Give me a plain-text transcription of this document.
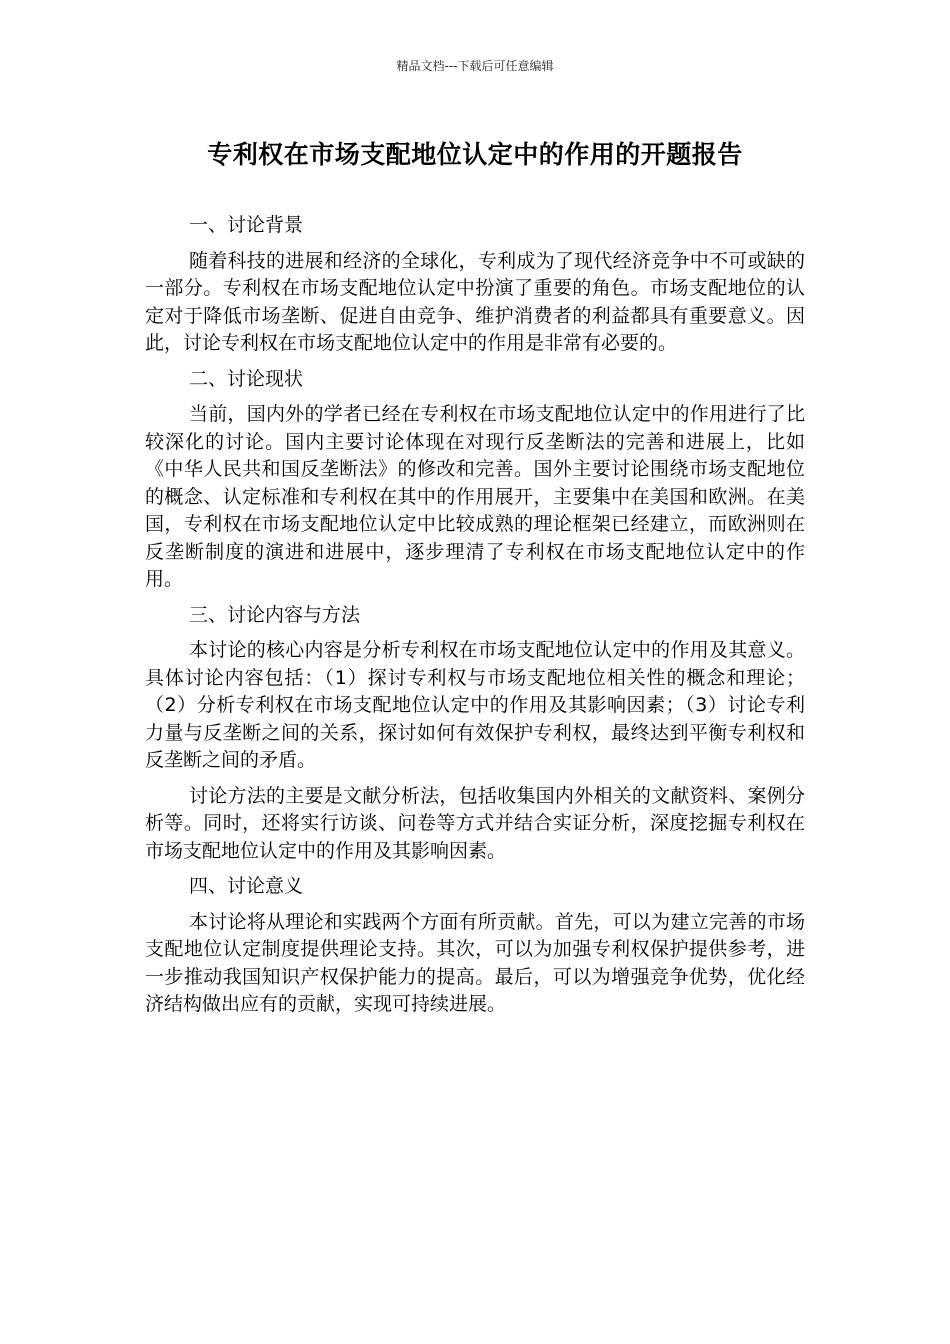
精品文档---下载后可任意编辑
专利权在市场支配地位认定中的作用的开题报告

一、讨论背景

随着科技的进展和经济的全球化，专利成为了现代经济竞争中不可或缺的一部分。专利权在市场支配地位认定中扮演了重要的角色。市场支配地位的认定对于降低市场垄断、促进自由竞争、维护消费者的利益都具有重要意义。因此，讨论专利权在市场支配地位认定中的作用是非常有必要的。

二、讨论现状

当前，国内外的学者已经在专利权在市场支配地位认定中的作用进行了比较深化的讨论。国内主要讨论体现在对现行反垄断法的完善和进展上，比如《中华人民共和国反垄断法》的修改和完善。国外主要讨论围绕市场支配地位的概念、认定标准和专利权在其中的作用展开，主要集中在美国和欧洲。在美国，专利权在市场支配地位认定中比较成熟的理论框架已经建立，而欧洲则在反垄断制度的演进和进展中，逐步理清了专利权在市场支配地位认定中的作用。

三、讨论内容与方法

本讨论的核心内容是分析专利权在市场支配地位认定中的作用及其意义。具体讨论内容包括：（1）探讨专利权与市场支配地位相关性的概念和理论；（2）分析专利权在市场支配地位认定中的作用及其影响因素；（3）讨论专利力量与反垄断之间的关系，探讨如何有效保护专利权，最终达到平衡专利权和反垄断之间的矛盾。

讨论方法的主要是文献分析法，包括收集国内外相关的文献资料、案例分析等。同时，还将实行访谈、问卷等方式并结合实证分析，深度挖掘专利权在市场支配地位认定中的作用及其影响因素。

四、讨论意义

本讨论将从理论和实践两个方面有所贡献。首先，可以为建立完善的市场支配地位认定制度提供理论支持。其次，可以为加强专利权保护提供参考，进一步推动我国知识产权保护能力的提高。最后，可以为增强竞争优势，优化经济结构做出应有的贡献，实现可持续进展。
